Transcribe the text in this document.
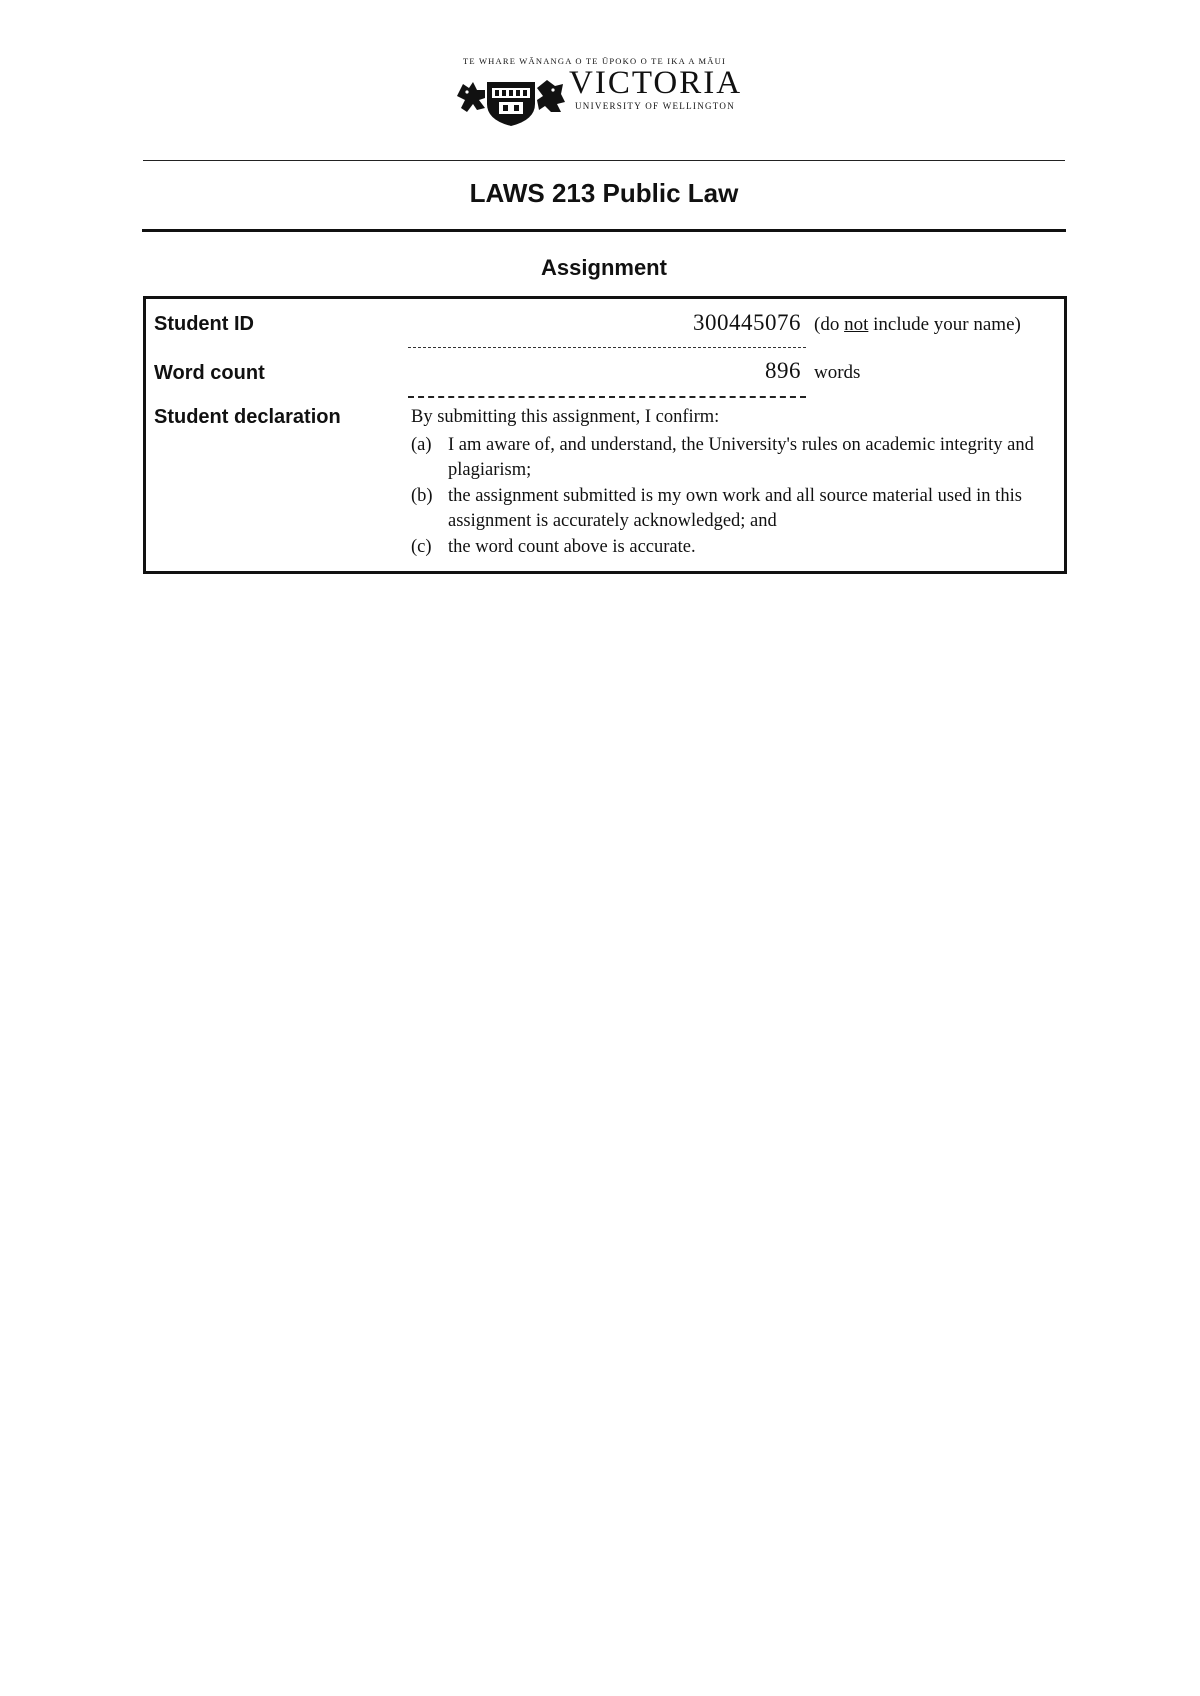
TE WHARE WĀNANGA O TE ŪPOKO O TE IKA A MĀUI
VICTORIA
UNIVERSITY OF WELLINGTON
LAWS 213 Public Law
Assignment
Student ID	300445076 (do not include your name)
Word count	896 words
Student declaration	By submitting this assignment, I confirm:

(a) I am aware of, and understand, the University's rules on academic integrity and plagiarism;
(b) the assignment submitted is my own work and all source material used in this assignment is accurately acknowledged; and
(c) the word count above is accurate.
